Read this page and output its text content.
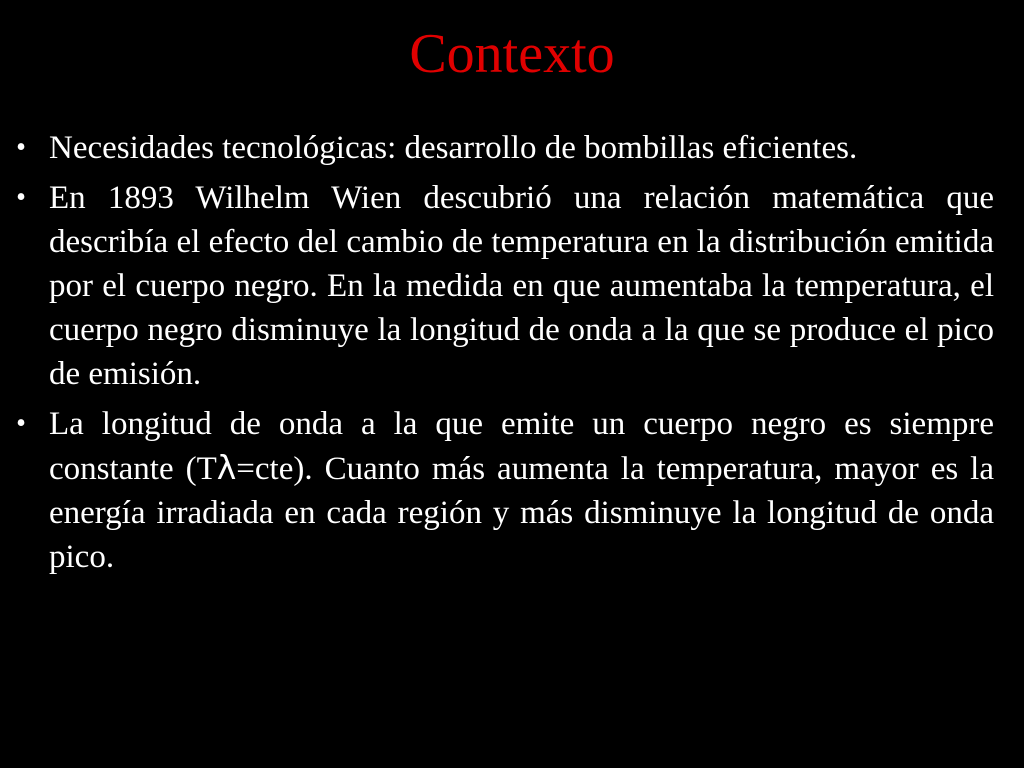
Contexto
• Necesidades tecnológicas: desarrollo de bombillas eficientes.
• En 1893 Wilhelm Wien descubrió una relación matemática que describía el efecto del cambio de temperatura en la distribución emitida por el cuerpo negro. En la medida en que aumentaba la temperatura, el cuerpo negro disminuye la longitud de onda a la que se produce el pico de emisión.
• La longitud de onda a la que emite un cuerpo negro es siempre constante (Tλ=cte). Cuanto más aumenta la temperatura, mayor es la energía irradiada en cada región y más disminuye la longitud de onda pico.
